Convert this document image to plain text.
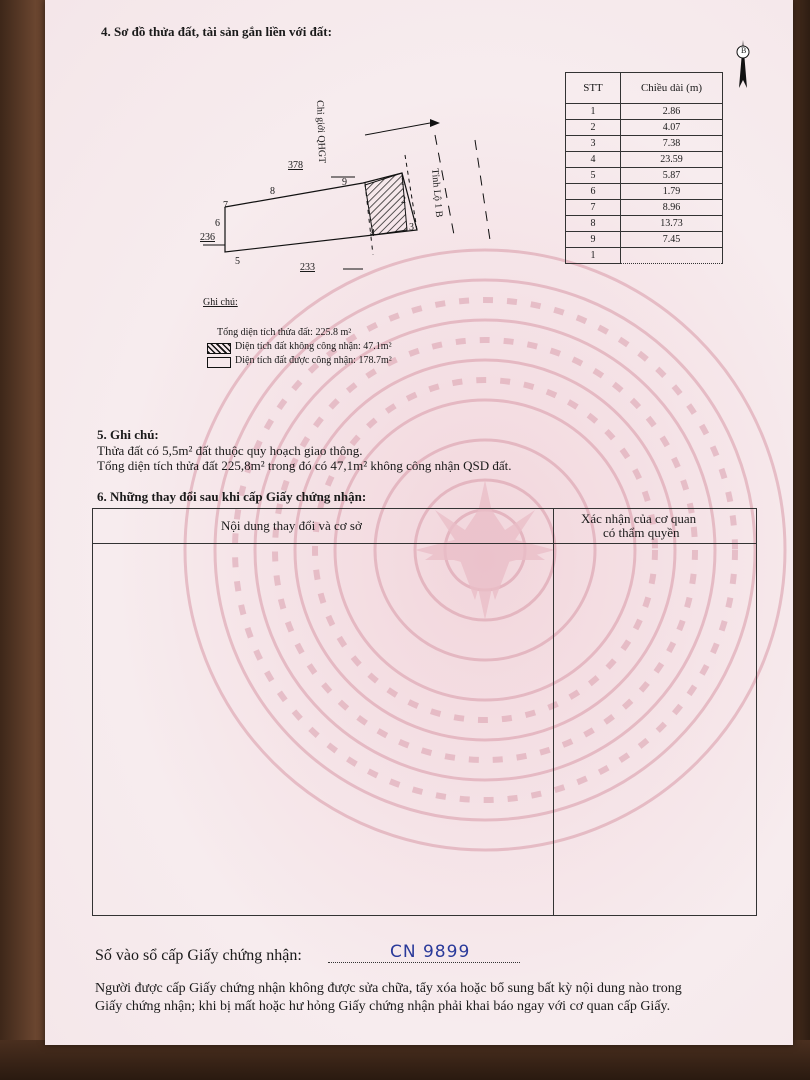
4. Sơ đồ thửa đất, tài sản gắn liền với đất:
B
378
236
233
Tỉnh Lộ 1 B
Chỉ giới QHGT
1
2
3
4
5
6
7
8
9
STT	Chiều dài (m)
1	2.86
2	4.07
3	7.38
4	23.59
5	5.87
6	1.79
7	8.96
8	13.73
9	7.45
1	
Ghi chú:
Tổng diện tích thửa đất: 225.8 m²
Diện tích đất không công nhận: 47.1m²
Diện tích đất được công nhận: 178.7m²
5. Ghi chú:
Thửa đất có 5,5m² đất thuộc quy hoạch giao thông.
Tổng diện tích thửa đất 225,8m² trong đó có 47,1m² không công nhận QSD đất.
6. Những thay đổi sau khi cấp Giấy chứng nhận:
Nội dung thay đổi và cơ sở	Xác nhận của cơ quan
có thẩm quyền
Số vào sổ cấp Giấy chứng nhận:	CN 9899
Người được cấp Giấy chứng nhận không được sửa chữa, tẩy xóa hoặc bổ sung bất kỳ nội dung nào trong
Giấy chứng nhận; khi bị mất hoặc hư hỏng Giấy chứng nhận phải khai báo ngay với cơ quan cấp Giấy.
